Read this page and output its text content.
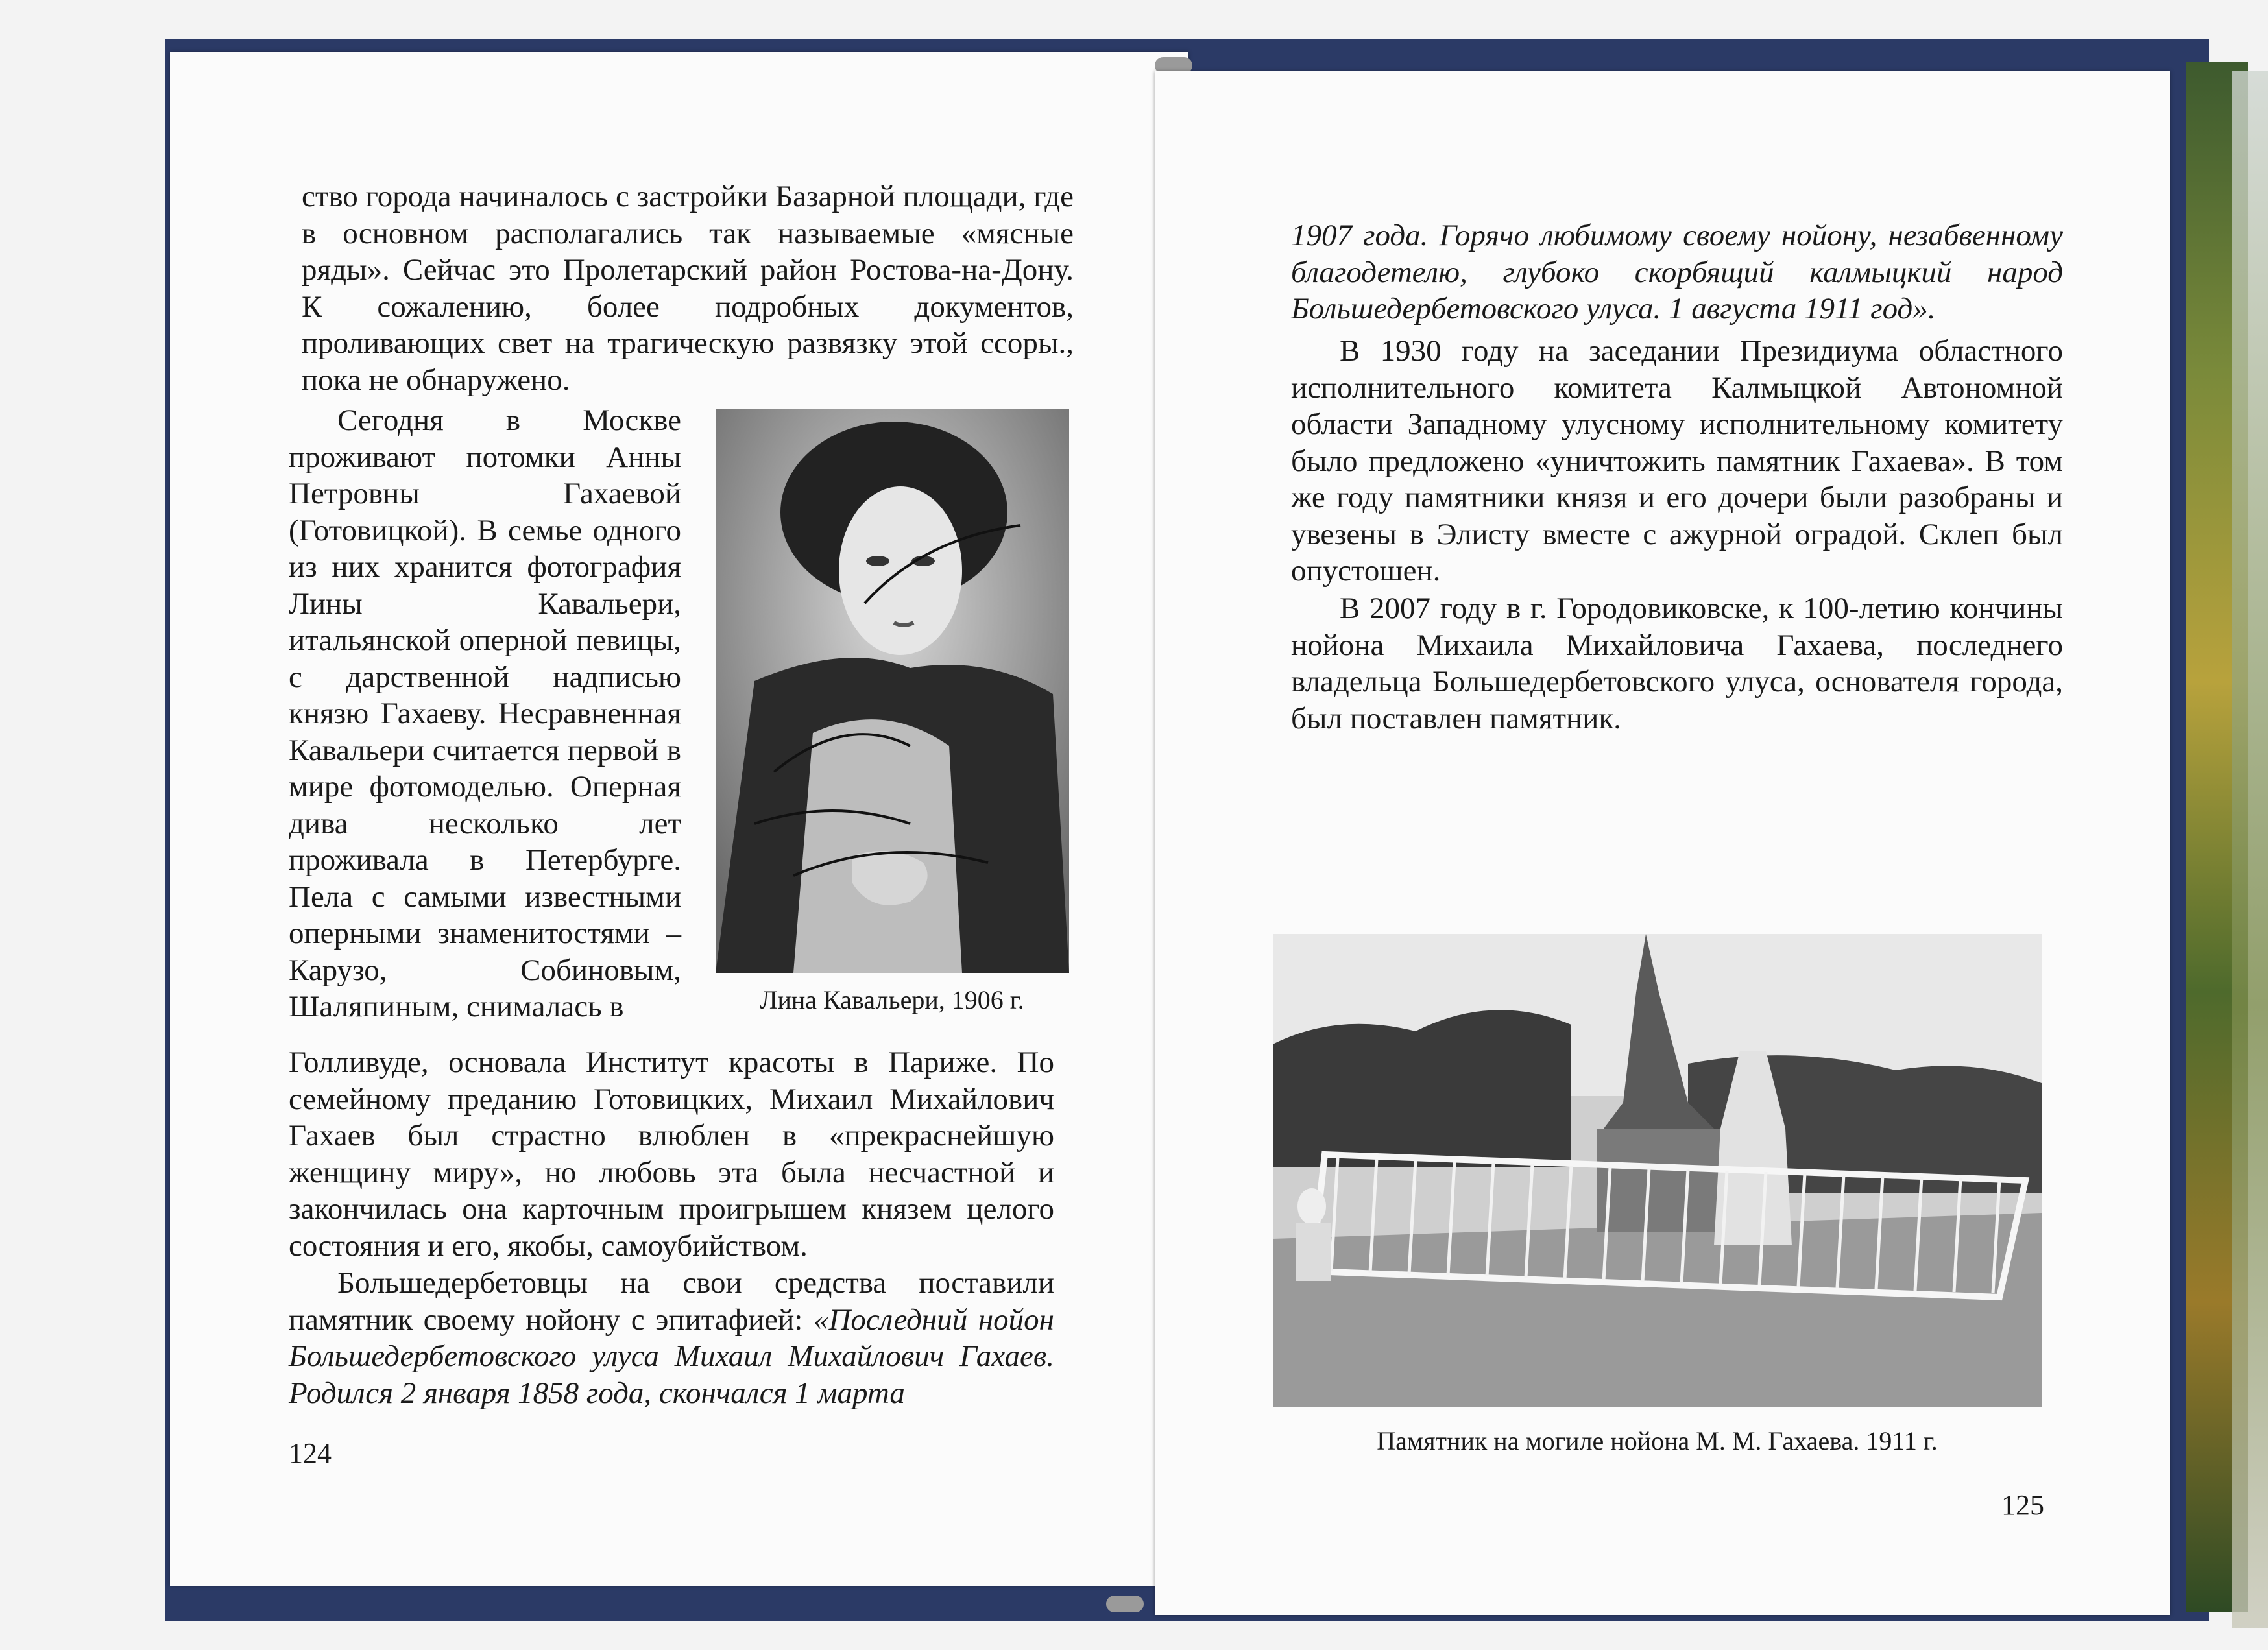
ство города начиналось с застройки Базарной площади, где в основном располагались так называемые «мясные ряды». Сейчас это Пролетарский район Ростова-на-Дону. К сожалению, более подробных документов, проливающих свет на трагическую развязку этой ссоры., пока не обнаружено.

Сегодня в Москве проживают потомки Анны Петровны Гахаевой (Готовицкой). В семье одного из них хранится фотография Лины Кавальери, итальянской оперной певицы, с дарственной надписью князю Гахаеву. Несравненная Кавальери считается первой в мире фотомоделью. Оперная дива несколько лет проживала в Петербурге. Пела с самыми известными оперными знаменитостями – Карузо, Собиновым, Шаляпиным, снималась в	Лина Кавальери, 1906 г.

Голливуде, основала Институт красоты в Париже. По семейному преданию Готовицких, Михаил Михайлович Гахаев был страстно влюблен в «прекраснейшую женщину миру», но любовь эта была несчастной и закончилась она карточным проигрышем князем целого состояния и его, якобы, самоубийством.

Большедербетовцы на свои средства поставили памятник своему нойону с эпитафией: «Последний нойон Большедербетовского улуса Михаил Михайлович Гахаев. Родился 2 января 1858 года, скончался 1 марта

124

1907 года. Горячо любимому своему нойону, незабвенному благодетелю, глубоко скорбящий калмыцкий народ Большедербетовского улуса. 1 августа 1911 год».

В 1930 году на заседании Президиума областного исполнительного комитета Калмыцкой Автономной области Западному улусному исполнительному комитету было предложено «уничтожить памятник Гахаева». В том же году памятники князя и его дочери были разобраны и увезены в Элисту вместе с ажурной оградой. Склеп был опустошен.

В 2007 году в г. Городовиковске, к 100-летию кончины нойона Михаила Михайловича Гахаева, последнего владельца Большедербетовского улуса, основателя города, был поставлен памятник.

Памятник на могиле нойона М. М. Гахаева. 1911 г.
125
